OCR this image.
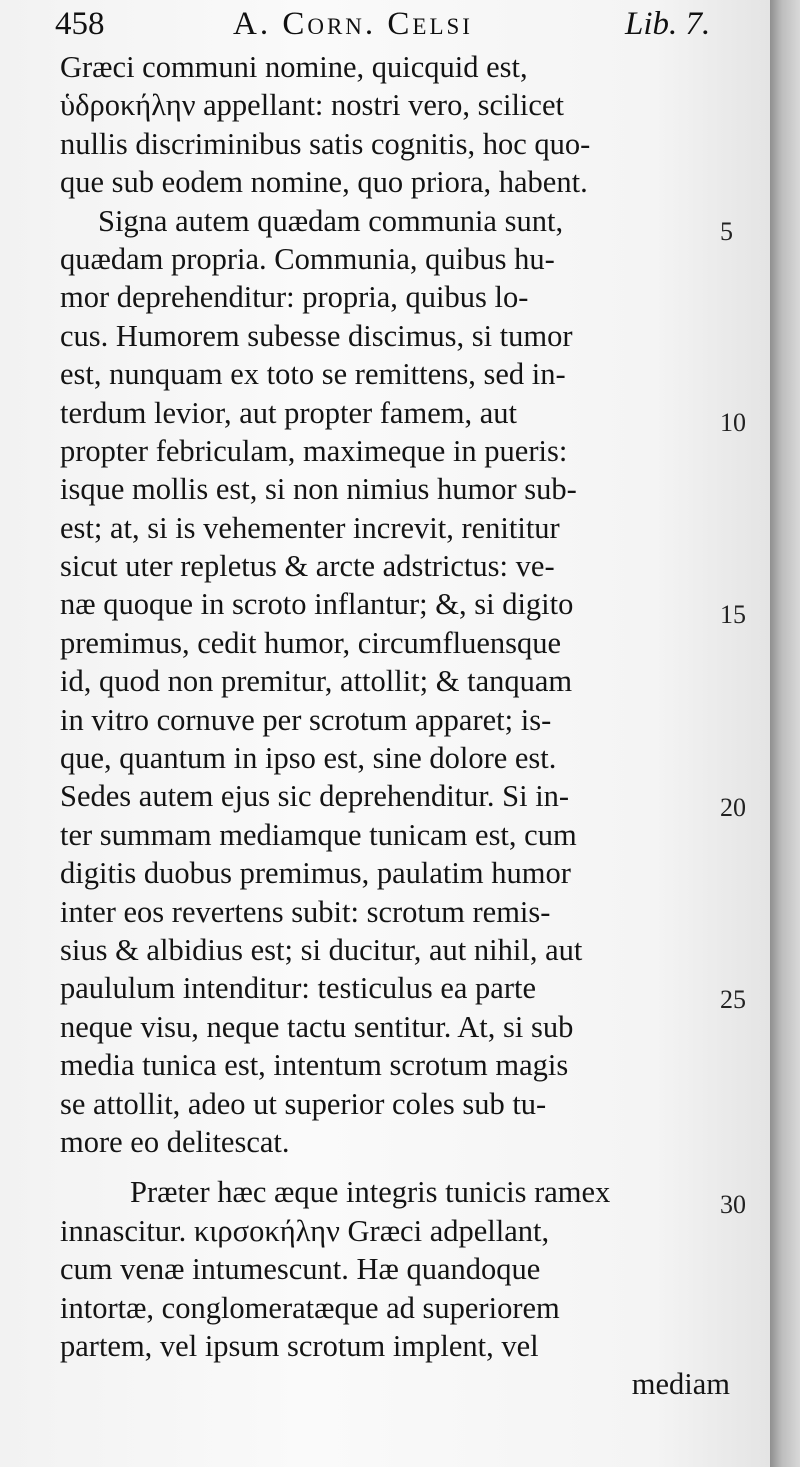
458	A. Corn. Celsi	Lib. 7.
Græci communi nomine, quicquid est,
ὑδροκήλην appellant: nostri vero, scilicet
nullis discriminibus satis cognitis, hoc quo-
que sub eodem nomine, quo priora, habent.
Signa autem quædam communia sunt,
quædam propria. Communia, quibus hu-
mor deprehenditur: propria, quibus lo-
cus. Humorem subesse discimus, si tumor
est, nunquam ex toto se remittens, sed in-
terdum levior, aut propter famem, aut
propter febriculam, maximeque in pueris:
isque mollis est, si non nimius humor sub-
est; at, si is vehementer increvit, renititur
sicut uter repletus & arcte adstrictus: ve-
næ quoque in scroto inflantur; &, si digito
premimus, cedit humor, circumfluensque
id, quod non premitur, attollit; & tanquam
in vitro cornuve per scrotum apparet; is-
que, quantum in ipso est, sine dolore est.
Sedes autem ejus sic deprehenditur. Si in-
ter summam mediamque tunicam est, cum
digitis duobus premimus, paulatim humor
inter eos revertens subit: scrotum remis-
sius & albidius est; si ducitur, aut nihil, aut
paululum intenditur: testiculus ea parte
neque visu, neque tactu sentitur. At, si sub
media tunica est, intentum scrotum magis
se attollit, adeo ut superior coles sub tu-
more eo delitescat.
Præter hæc æque integris tunicis ramex
innascitur. κιρσοκήλην Græci adpellant,
cum venæ intumescunt. Hæ quandoque
intortæ, conglomeratæque ad superiorem
partem, vel ipsum scrotum implent, vel
mediam
5
10
15
20
25
30
